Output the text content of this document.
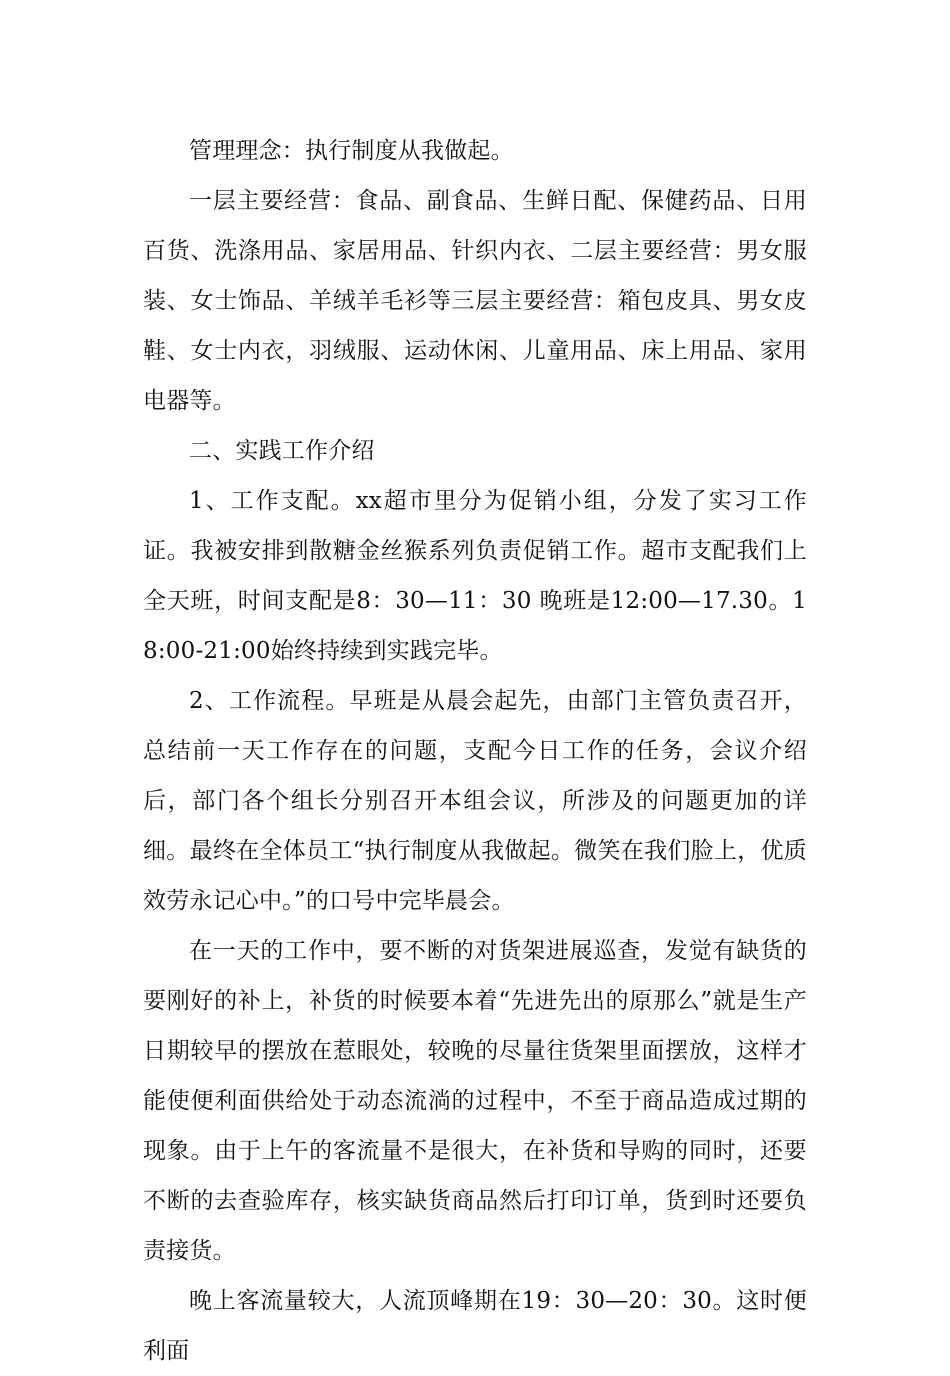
管理理念：执行制度从我做起。

一层主要经营：食品、副食品、生鲜日配、保健药品、日用百货、洗涤用品、家居用品、针织内衣、二层主要经营：男女服装、女士饰品、羊绒羊毛衫等三层主要经营：箱包皮具、男女皮鞋、女士内衣，羽绒服、运动休闲、儿童用品、床上用品、家用电器等。

二、实践工作介绍

1、工作支配。xx超市里分为促销小组，分发了实习工作证。我被安排到散糖金丝猴系列负责促销工作。超市支配我们上全天班，时间支配是8：30—11：30 晚班是12:00—17.30。18:00-21:00始终持续到实践完毕。

2、工作流程。早班是从晨会起先，由部门主管负责召开，总结前一天工作存在的问题，支配今日工作的任务，会议介绍后，部门各个组长分别召开本组会议，所涉及的问题更加的详细。最终在全体员工“执行制度从我做起。微笑在我们脸上，优质效劳永记心中。”的口号中完毕晨会。

在一天的工作中，要不断的对货架进展巡查，发觉有缺货的要刚好的补上，补货的时候要本着“先进先出的原那么”就是生产日期较早的摆放在惹眼处，较晚的尽量往货架里面摆放，这样才能使便利面供给处于动态流淌的过程中，不至于商品造成过期的现象。由于上午的客流量不是很大，在补货和导购的同时，还要不断的去查验库存，核实缺货商品然后打印订单，货到时还要负责接货。

晚上客流量较大，人流顶峰期在19：30—20：30。这时便利面
